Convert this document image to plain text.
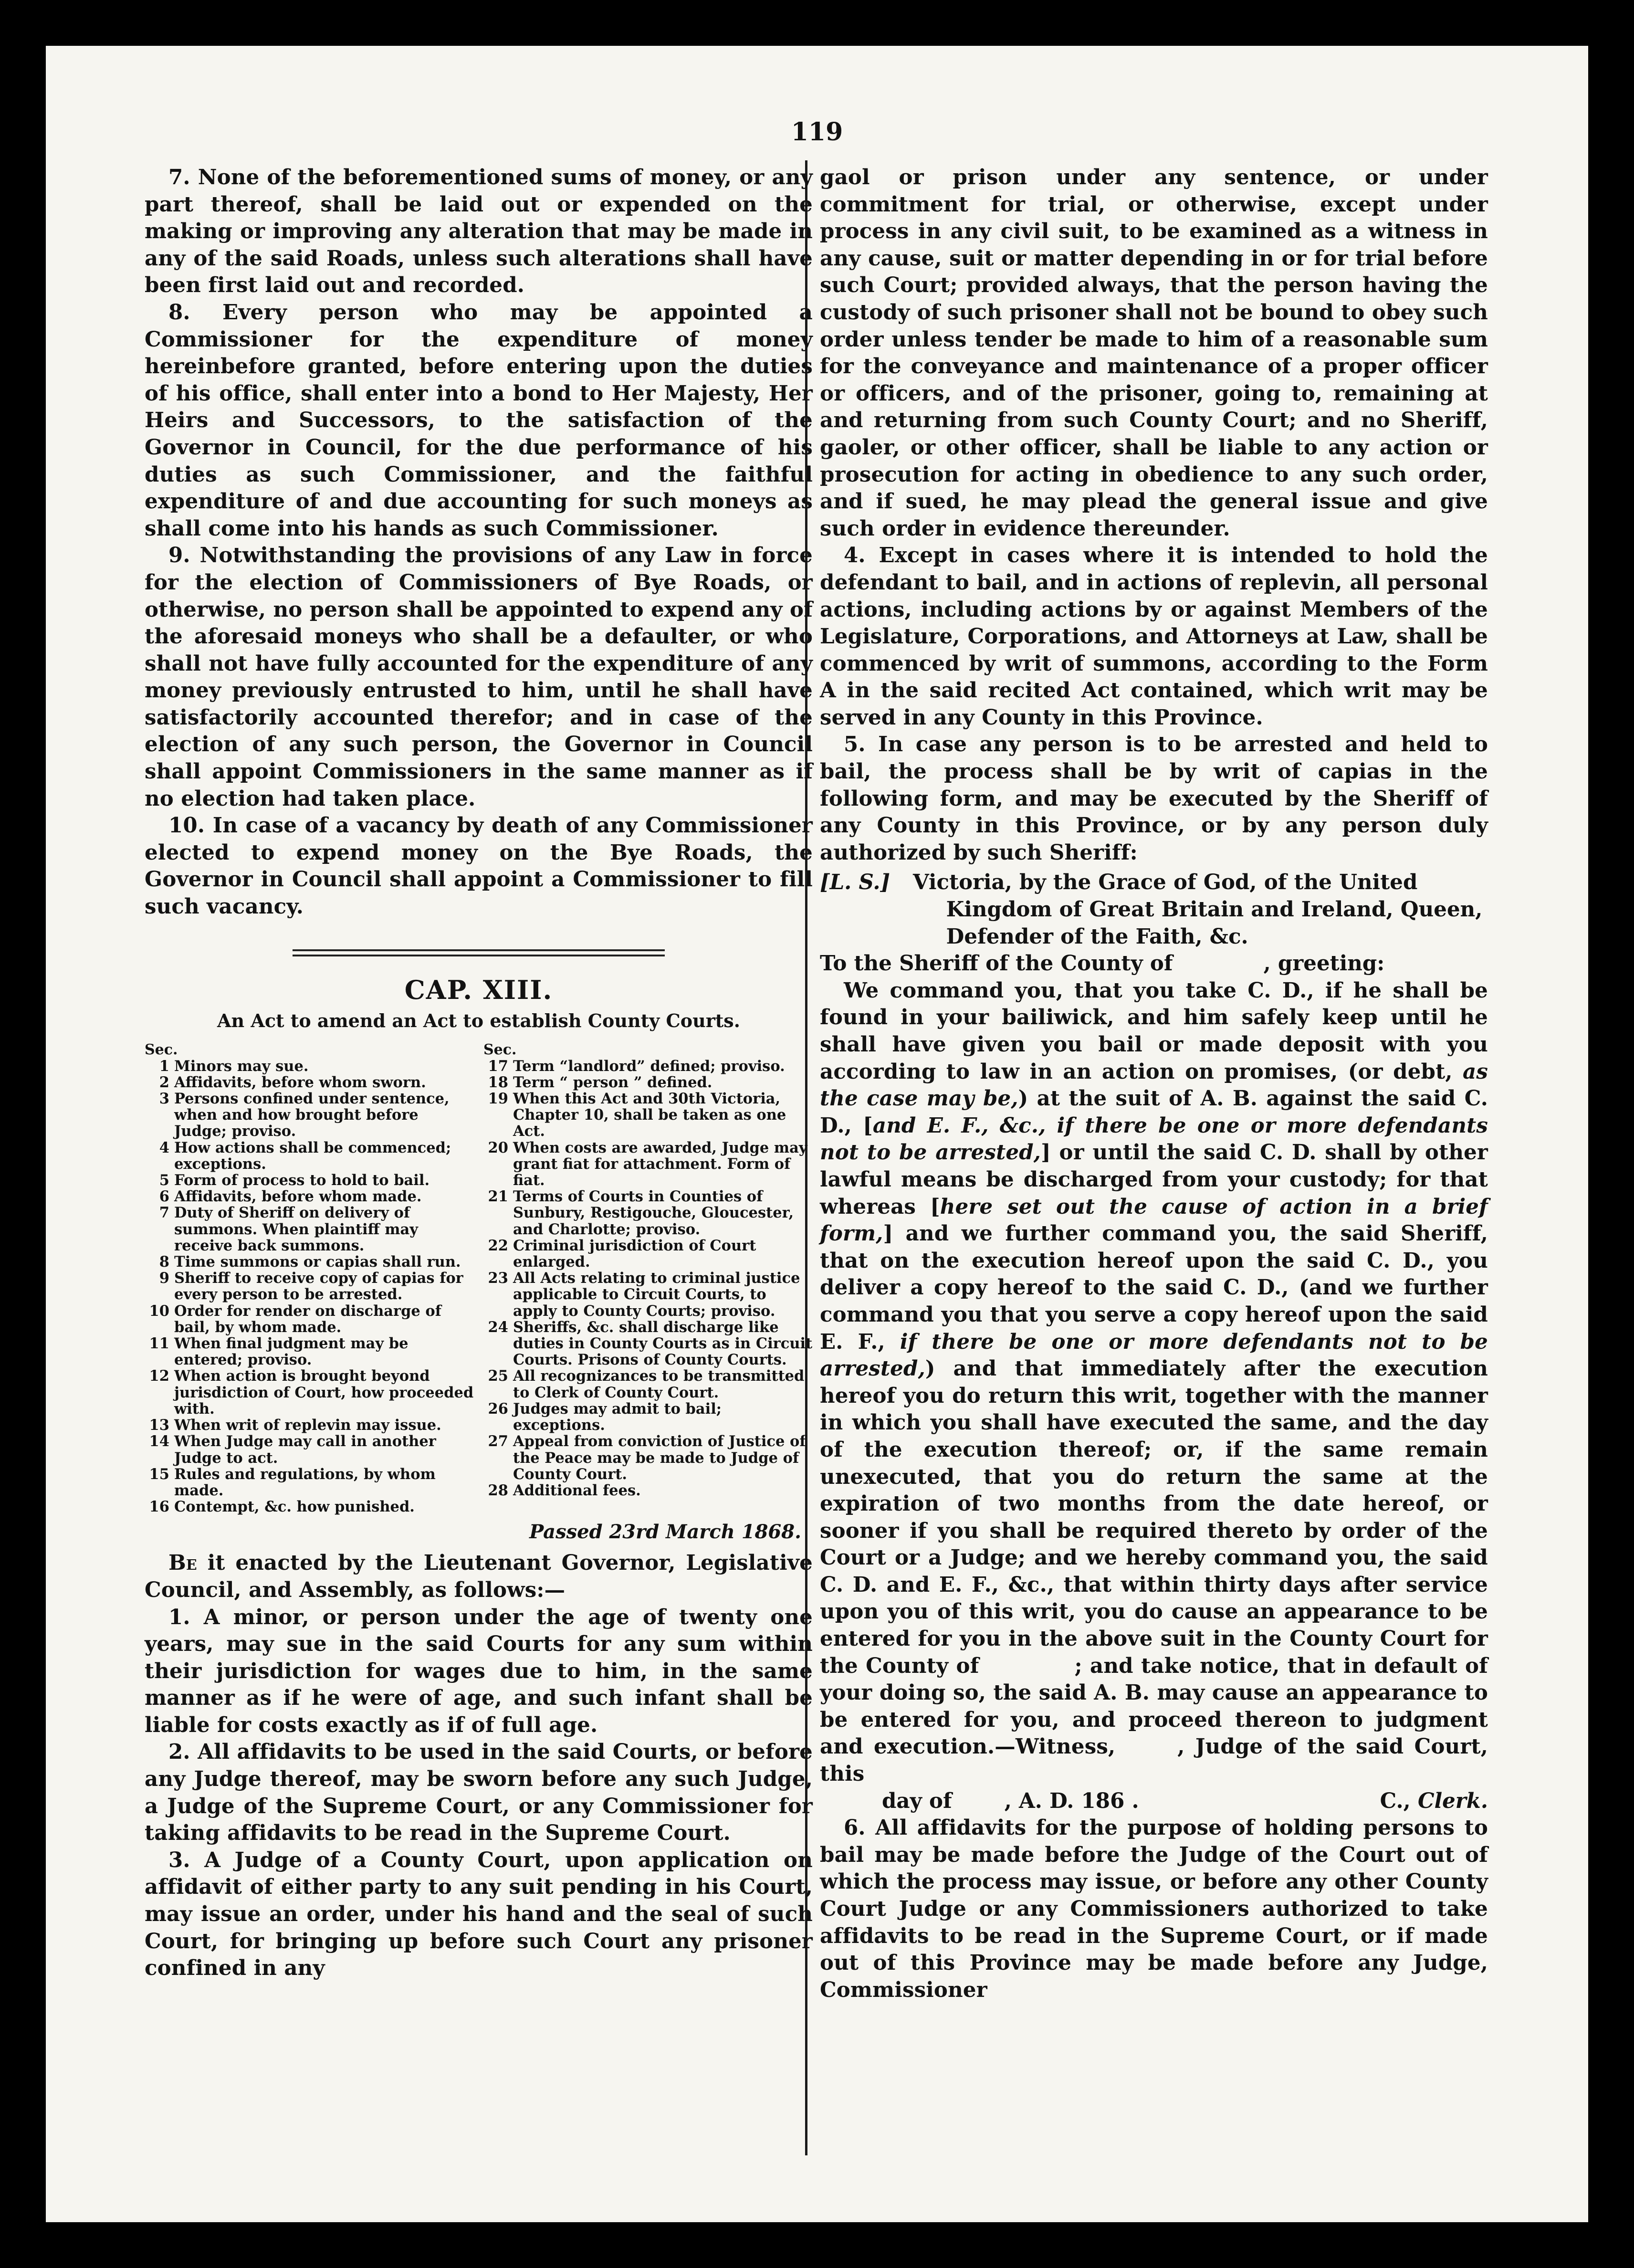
119

7. None of the beforementioned sums of money, or any part thereof, shall be laid out or expended on the making or improving any alteration that may be made in any of the said Roads, unless such alterations shall have been first laid out and recorded.

8. Every person who may be appointed a Commissioner for the expenditure of money hereinbefore granted, before entering upon the duties of his office, shall enter into a bond to Her Majesty, Her Heirs and Successors, to the satisfaction of the Governor in Council, for the due performance of his duties as such Commissioner, and the faithful expenditure of and due accounting for such moneys as shall come into his hands as such Commissioner.

9. Notwithstanding the provisions of any Law in force for the election of Commissioners of Bye Roads, or otherwise, no person shall be appointed to expend any of the aforesaid moneys who shall be a defaulter, or who shall not have fully accounted for the expenditure of any money previously entrusted to him, until he shall have satisfactorily accounted therefor; and in case of the election of any such person, the Governor in Council shall appoint Commissioners in the same manner as if no election had taken place.

10. In case of a vacancy by death of any Commissioner elected to expend money on the Bye Roads, the Governor in Council shall appoint a Commissioner to fill such vacancy.

CAP. XIII.
An Act to amend an Act to establish County Courts.
Sec.
1 Minors may sue.
2 Affidavits, before whom sworn.
3 Persons confined under sentence, when and how brought before Judge; proviso.
4 How actions shall be commenced; exceptions.
5 Form of process to hold to bail.
6 Affidavits, before whom made.
7 Duty of Sheriff on delivery of summons. When plaintiff may receive back summons.
8 Time summons or capias shall run.
9 Sheriff to receive copy of capias for every person to be arrested.
10 Order for render on discharge of bail, by whom made.
11 When final judgment may be entered; proviso.
12 When action is brought beyond jurisdiction of Court, how proceeded with.
13 When writ of replevin may issue.
14 When Judge may call in another Judge to act.
15 Rules and regulations, by whom made.
16 Contempt, &c. how punished.
Sec.
17 Term “landlord” defined; proviso.
18 Term “ person ” defined.
19 When this Act and 30th Victoria, Chapter 10, shall be taken as one Act.
20 When costs are awarded, Judge may grant fiat for attachment. Form of fiat.
21 Terms of Courts in Counties of Sunbury, Restigouche, Gloucester, and Charlotte; proviso.
22 Criminal jurisdiction of Court enlarged.
23 All Acts relating to criminal justice applicable to Circuit Courts, to apply to County Courts; proviso.
24 Sheriffs, &c. shall discharge like duties in County Courts as in Circuit Courts. Prisons of County Courts.
25 All recognizances to be transmitted to Clerk of County Court.
26 Judges may admit to bail; exceptions.
27 Appeal from conviction of Justice of the Peace may be made to Judge of County Court.
28 Additional fees.
Passed 23rd March 1868.

Be it enacted by the Lieutenant Governor, Legislative Council, and Assembly, as follows:—

1. A minor, or person under the age of twenty one years, may sue in the said Courts for any sum within their jurisdiction for wages due to him, in the same manner as if he were of age, and such infant shall be liable for costs exactly as if of full age.

2. All affidavits to be used in the said Courts, or before any Judge thereof, may be sworn before any such Judge, a Judge of the Supreme Court, or any Commissioner for taking affidavits to be read in the Supreme Court.

3. A Judge of a County Court, upon application on affidavit of either party to any suit pending in his Court, may issue an order, under his hand and the seal of such Court, for bringing up before such Court any prisoner confined in any

gaol or prison under any sentence, or under commitment for trial, or otherwise, except under process in any civil suit, to be examined as a witness in any cause, suit or matter depending in or for trial before such Court; provided always, that the person having the custody of such prisoner shall not be bound to obey such order unless tender be made to him of a reasonable sum for the conveyance and maintenance of a proper officer or officers, and of the prisoner, going to, remaining at and returning from such County Court; and no Sheriff, gaoler, or other officer, shall be liable to any action or prosecution for acting in obedience to any such order, and if sued, he may plead the general issue and give such order in evidence thereunder.

4. Except in cases where it is intended to hold the defendant to bail, and in actions of replevin, all personal actions, including actions by or against Members of the Legislature, Corporations, and Attorneys at Law, shall be commenced by writ of summons, according to the Form A in the said recited Act contained, which writ may be served in any County in this Province.

5. In case any person is to be arrested and held to bail, the process shall be by writ of capias in the following form, and may be executed by the Sheriff of any County in this Province, or by any person duly authorized by such Sheriff:

[L. S.] Victoria, by the Grace of God, of the United Kingdom of Great Britain and Ireland, Queen, Defender of the Faith, &c.

To the Sheriff of the County of	, greeting:

We command you, that you take C. D., if he shall be found in your bailiwick, and him safely keep until he shall have given you bail or made deposit with you according to law in an action on promises, (or debt, as the case may be,) at the suit of A. B. against the said C. D., [and E. F., &c., if there be one or more defendants not to be arrested,] or until the said C. D. shall by other lawful means be discharged from your custody; for that whereas [here set out the cause of action in a brief form,] and we further command you, the said Sheriff, that on the execution hereof upon the said C. D., you deliver a copy hereof to the said C. D., (and we further command you that you serve a copy hereof upon the said E. F., if there be one or more defendants not to be arrested,) and that immediately after the execution hereof you do return this writ, together with the manner in which you shall have executed the same, and the day of the execution thereof; or, if the same remain unexecuted, that you do return the same at the expiration of two months from the date hereof, or sooner if you shall be required thereto by order of the Court or a Judge; and we hereby command you, the said C. D. and E. F., &c., that within thirty days after service upon you of this writ, you do cause an appearance to be entered for you in the above suit in the County Court for the County of	; and take notice, that in default of your doing so, the said A. B. may cause an appearance to be entered for you, and proceed thereon to judgment and execution.—Witness,	, Judge of the said Court, this

day of	, A. D. 186 .	C., Clerk.

6. All affidavits for the purpose of holding persons to bail may be made before the Judge of the Court out of which the process may issue, or before any other County Court Judge or any Commissioners authorized to take affidavits to be read in the Supreme Court, or if made out of this Province may be made before any Judge, Commissioner
